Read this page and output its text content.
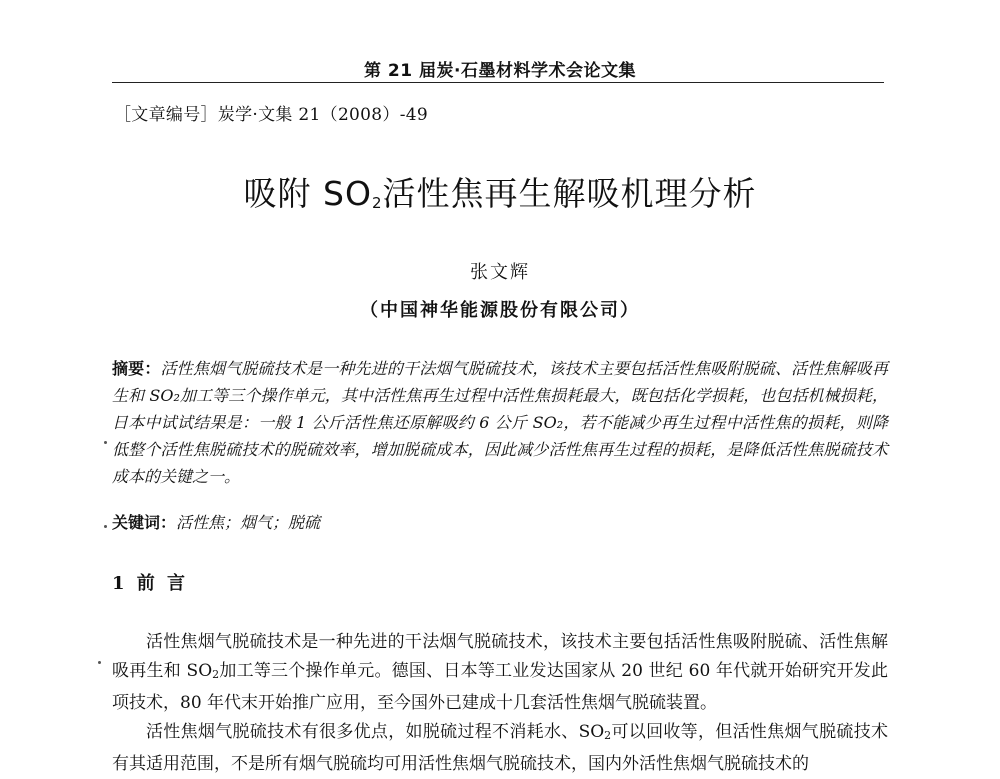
第 21 届炭·石墨材料学术会论文集
［文章编号］炭学·文集 21（2008）-49
吸附 $SO_2$活性焦再生解吸机理分析
张文辉
（中国神华能源股份有限公司）
摘要：活性焦烟气脱硫技术是一种先进的干法烟气脱硫技术，该技术主要包括活性焦吸附脱硫、活性焦解吸再生和 SO₂加工等三个操作单元，其中活性焦再生过程中活性焦损耗最大，既包括化学损耗，也包括机械损耗，日本中试试结果是：一般 1 公斤活性焦还原解吸约 6 公斤 SO₂，若不能减少再生过程中活性焦的损耗，则降低整个活性焦脱硫技术的脱硫效率，增加脱硫成本，因此减少活性焦再生过程的损耗，是降低活性焦脱硫技术成本的关键之一。
关键词：活性焦；烟气；脱硫
1 前 言

活性焦烟气脱硫技术是一种先进的干法烟气脱硫技术，该技术主要包括活性焦吸附脱硫、活性焦解吸再生和 $SO_2$加工等三个操作单元。德国、日本等工业发达国家从 20 世纪 60 年代就开始研究开发此项技术，80 年代末开始推广应用，至今国外已建成十几套活性焦烟气脱硫装置。

活性焦烟气脱硫技术有很多优点，如脱硫过程不消耗水、$SO_2$可以回收等，但活性焦烟气脱硫技术有其适用范围，不是所有烟气脱硫均可用活性焦烟气脱硫技术，国内外活性焦烟气脱硫技术的
